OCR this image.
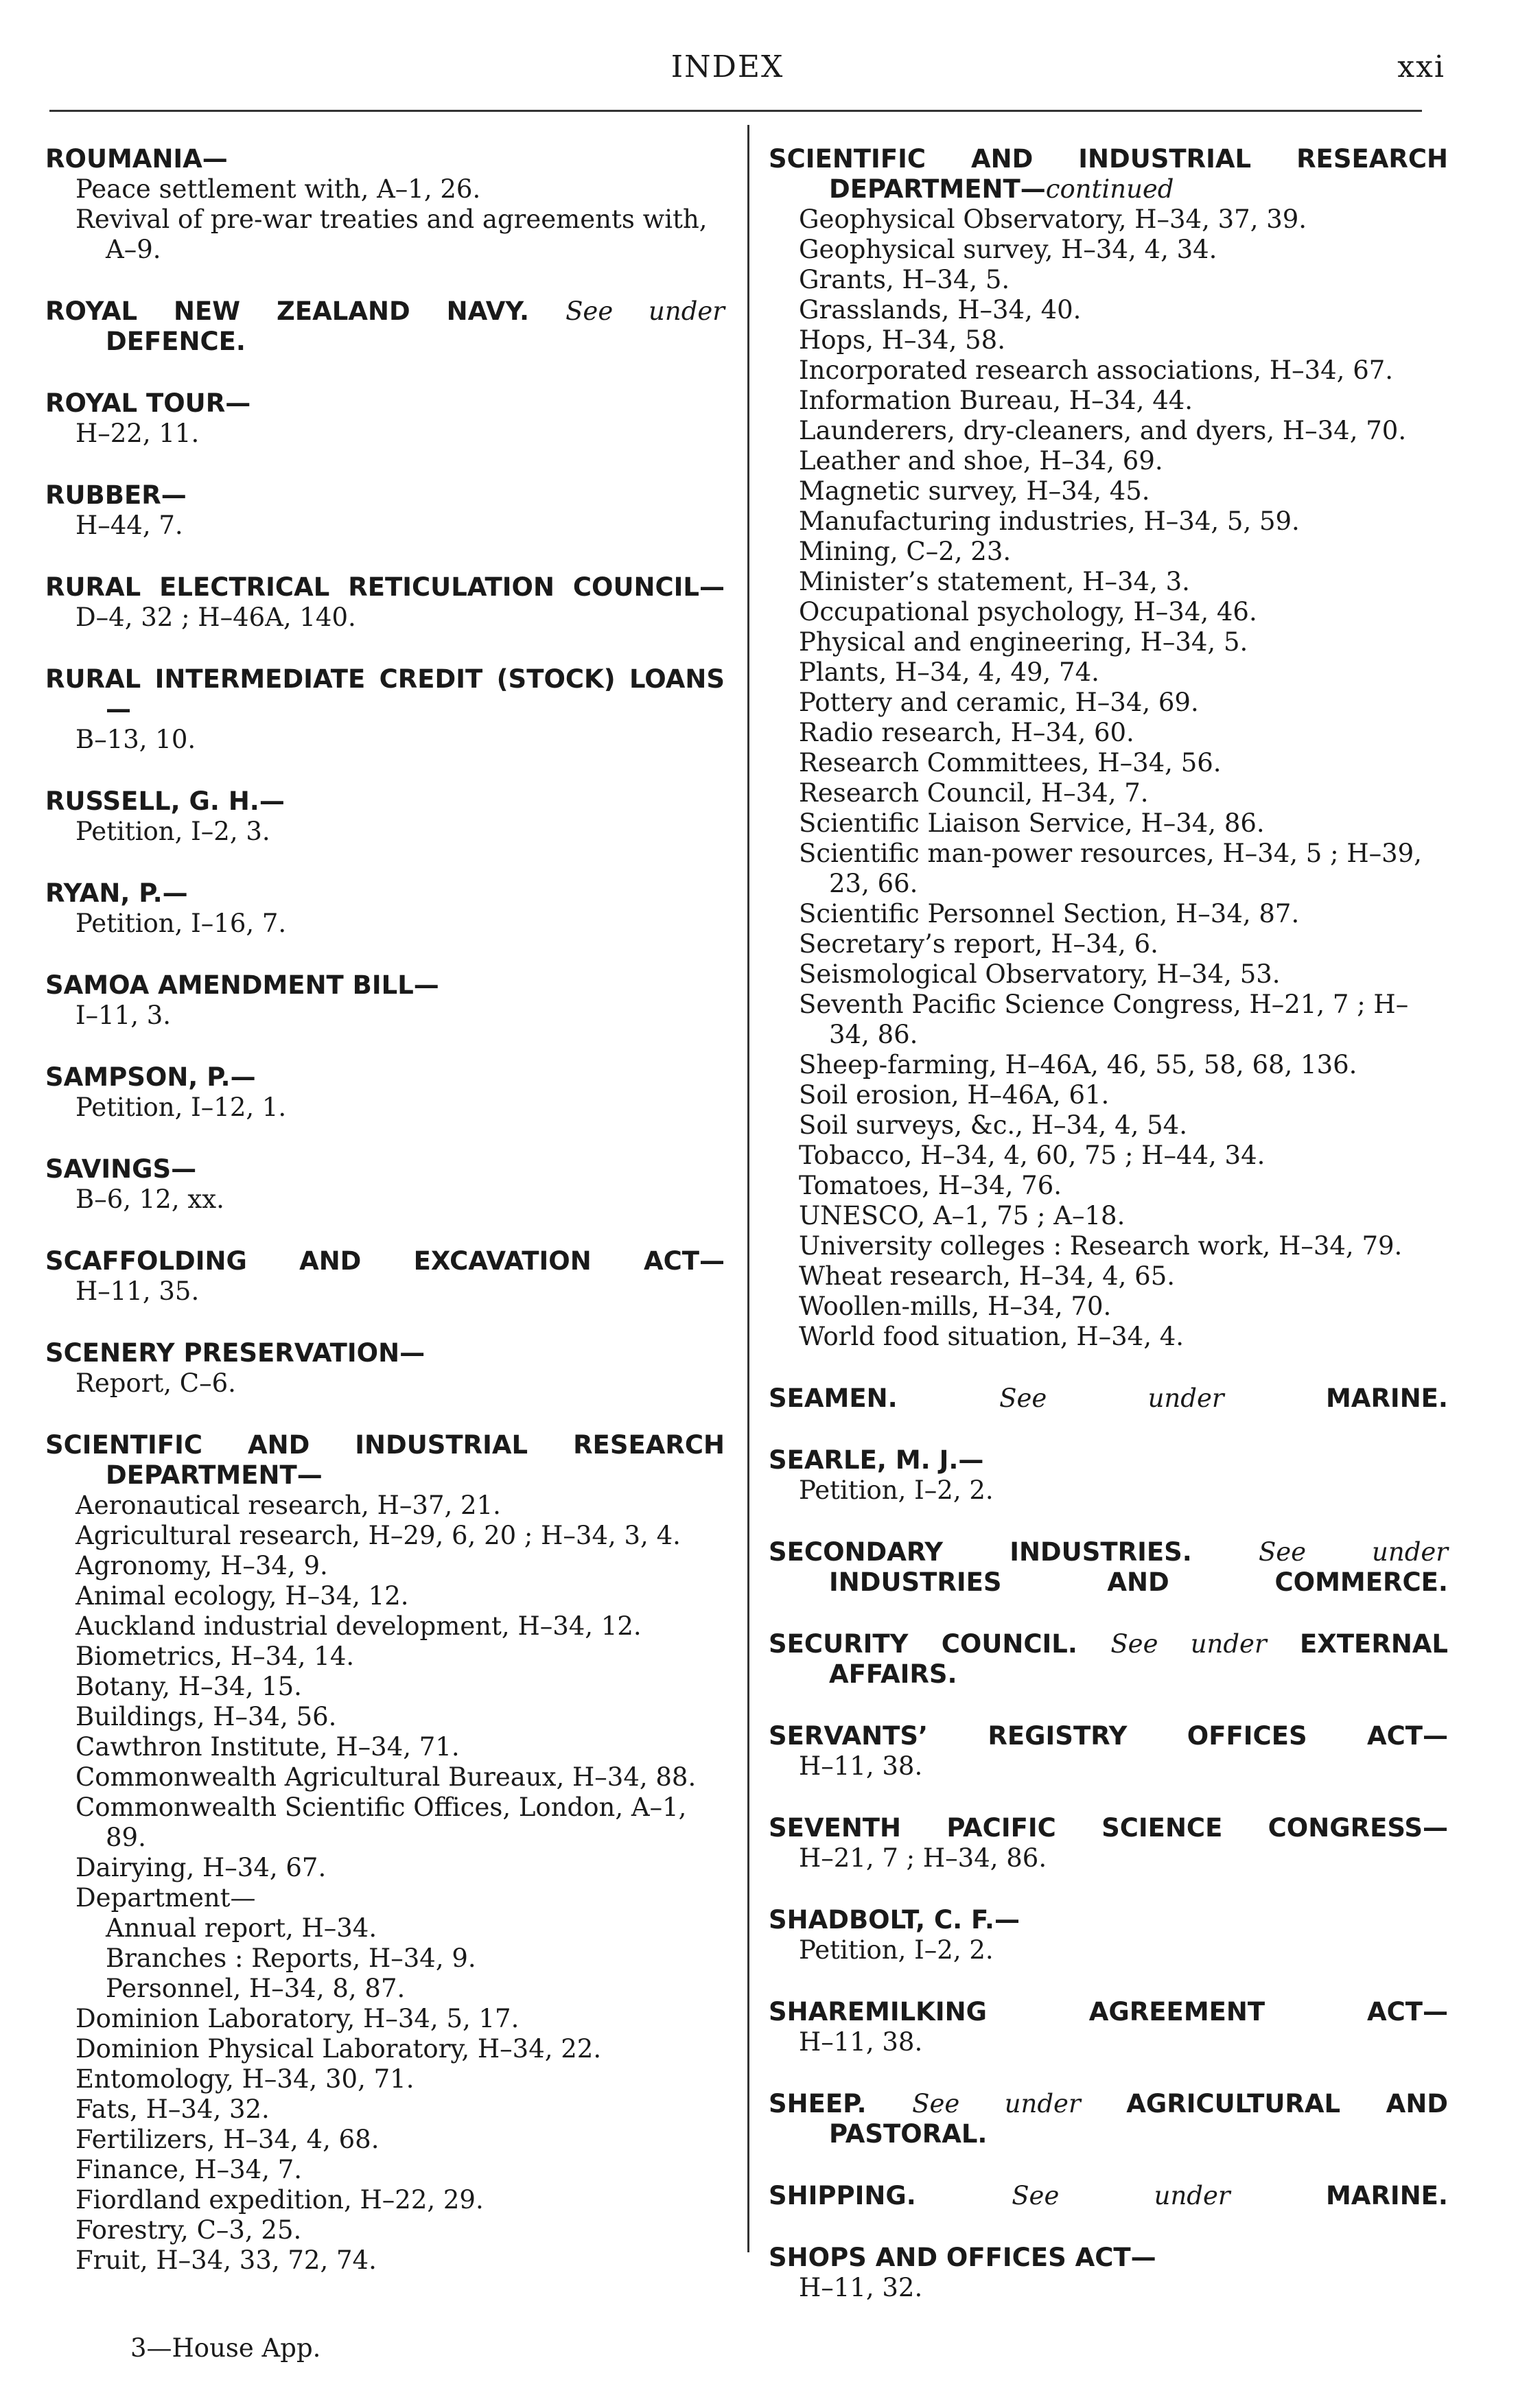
INDEX	xxi
ROUMANIA—
Peace settlement with, A–1, 26.
Revival of pre-war treaties and agreements with, A–9.
ROYAL NEW ZEALAND NAVY. See under DEFENCE.
ROYAL TOUR—
H–22, 11.
RUBBER—
H–44, 7.
RURAL ELECTRICAL RETICULATION COUNCIL—
D–4, 32 ; H–46A, 140.
RURAL INTERMEDIATE CREDIT (STOCK) LOANS—
B–13, 10.
RUSSELL, G. H.—
Petition, I–2, 3.
RYAN, P.—
Petition, I–16, 7.
SAMOA AMENDMENT BILL—
I–11, 3.
SAMPSON, P.—
Petition, I–12, 1.
SAVINGS—
B–6, 12, xx.
SCAFFOLDING AND EXCAVATION ACT—
H–11, 35.
SCENERY PRESERVATION—
Report, C–6.
SCIENTIFIC AND INDUSTRIAL RESEARCH DEPARTMENT—
Aeronautical research, H–37, 21.
Agricultural research, H–29, 6, 20 ; H–34, 3, 4.
Agronomy, H–34, 9.
Animal ecology, H–34, 12.
Auckland industrial development, H–34, 12.
Biometrics, H–34, 14.
Botany, H–34, 15.
Buildings, H–34, 56.
Cawthron Institute, H–34, 71.
Commonwealth Agricultural Bureaux, H–34, 88.
Commonwealth Scientific Offices, London, A–1, 89.
Dairying, H–34, 67.
Department—
Annual report, H–34.
Branches : Reports, H–34, 9.
Personnel, H–34, 8, 87.
Dominion Laboratory, H–34, 5, 17.
Dominion Physical Laboratory, H–34, 22.
Entomology, H–34, 30, 71.
Fats, H–34, 32.
Fertilizers, H–34, 4, 68.
Finance, H–34, 7.
Fiordland expedition, H–22, 29.
Forestry, C–3, 25.
Fruit, H–34, 33, 72, 74.
SCIENTIFIC AND INDUSTRIAL RESEARCH DEPARTMENT—continued
Geophysical Observatory, H–34, 37, 39.
Geophysical survey, H–34, 4, 34.
Grants, H–34, 5.
Grasslands, H–34, 40.
Hops, H–34, 58.
Incorporated research associations, H–34, 67.
Information Bureau, H–34, 44.
Launderers, dry-cleaners, and dyers, H–34, 70.
Leather and shoe, H–34, 69.
Magnetic survey, H–34, 45.
Manufacturing industries, H–34, 5, 59.
Mining, C–2, 23.
Minister’s statement, H–34, 3.
Occupational psychology, H–34, 46.
Physical and engineering, H–34, 5.
Plants, H–34, 4, 49, 74.
Pottery and ceramic, H–34, 69.
Radio research, H–34, 60.
Research Committees, H–34, 56.
Research Council, H–34, 7.
Scientific Liaison Service, H–34, 86.
Scientific man-power resources, H–34, 5 ; H–39, 23, 66.
Scientific Personnel Section, H–34, 87.
Secretary’s report, H–34, 6.
Seismological Observatory, H–34, 53.
Seventh Pacific Science Congress, H–21, 7 ; H–34, 86.
Sheep-farming, H–46A, 46, 55, 58, 68, 136.
Soil erosion, H–46A, 61.
Soil surveys, &c., H–34, 4, 54.
Tobacco, H–34, 4, 60, 75 ; H–44, 34.
Tomatoes, H–34, 76.
UNESCO, A–1, 75 ; A–18.
University colleges : Research work, H–34, 79.
Wheat research, H–34, 4, 65.
Woollen-mills, H–34, 70.
World food situation, H–34, 4.
SEAMEN.	See under	MARINE.
SEARLE, M. J.—
Petition, I–2, 2.
SECONDARY INDUSTRIES.	See under INDUSTRIES AND COMMERCE.
SECURITY COUNCIL. See under EXTERNAL AFFAIRS.
SERVANTS’ REGISTRY OFFICES ACT—
H–11, 38.
SEVENTH PACIFIC SCIENCE CONGRESS—
H–21, 7 ; H–34, 86.
SHADBOLT, C. F.—
Petition, I–2, 2.
SHAREMILKING AGREEMENT ACT—
H–11, 38.
SHEEP. See under AGRICULTURAL AND PASTORAL.
SHIPPING.	See under	MARINE.
SHOPS AND OFFICES ACT—
H–11, 32.
3—House App.
